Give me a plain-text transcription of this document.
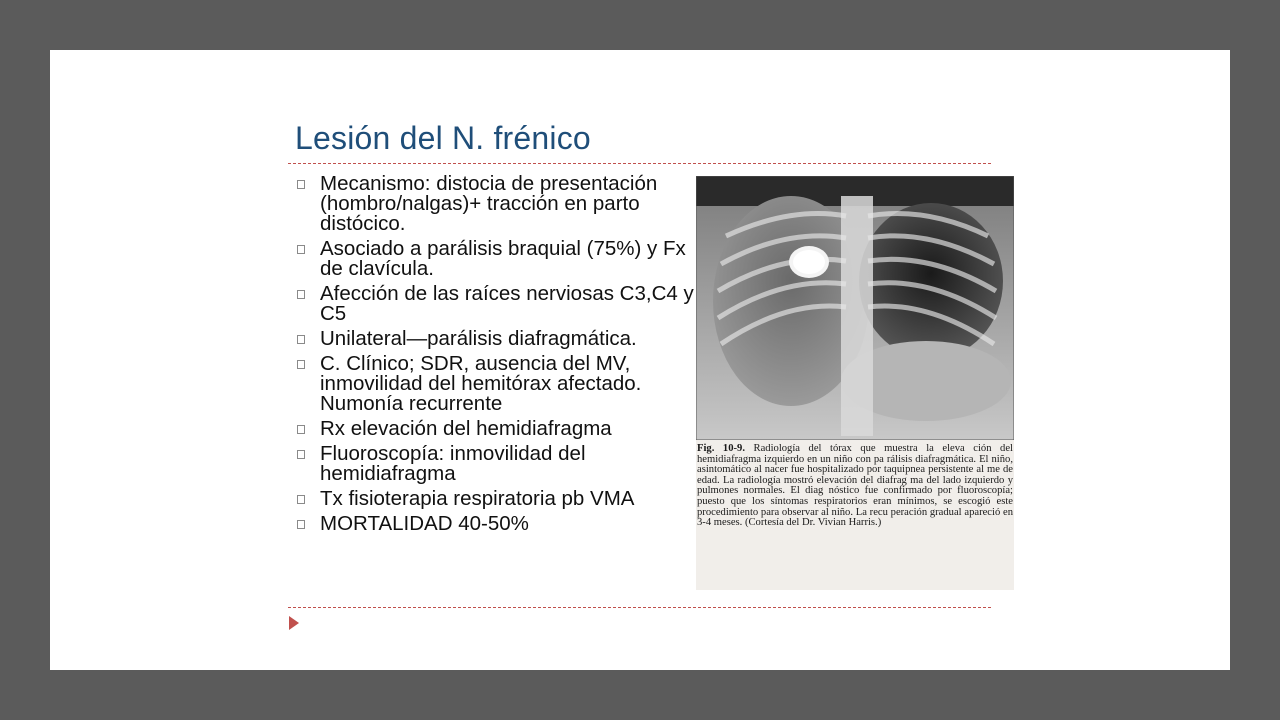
Lesión del N. frénico
Mecanismo: distocia de presentación (hombro/nalgas)+ tracción en parto distócico.
Asociado a parálisis braquial (75%) y Fx de clavícula.
Afección de las raíces nerviosas C3,C4 y C5
Unilateral—parálisis diafragmática.
C. Clínico; SDR, ausencia del MV, inmovilidad del hemitórax afectado. Numonía recurrente
Rx elevación del hemidiafragma
Fluoroscopía: inmovilidad del hemidiafragma
Tx fisioterapia respiratoria pb VMA
MORTALIDAD 40-50%
Fig. 10-9. Radiología del tórax que muestra la eleva ción del hemidiafragma izquierdo en un niño con pa rálisis diafragmática. El niño, asintomático al nacer fue hospitalizado por taquipnea persistente al me de edad. La radiología mostró elevación del diafrag ma del lado izquierdo y pulmones normales. El diag nóstico fue confirmado por fluoroscopía; puesto que los síntomas respiratorios eran mínimos, se escogió este procedimiento para observar al niño. La recu peración gradual apareció en 3-4 meses. (Cortesía del Dr. Vivian Harris.)
